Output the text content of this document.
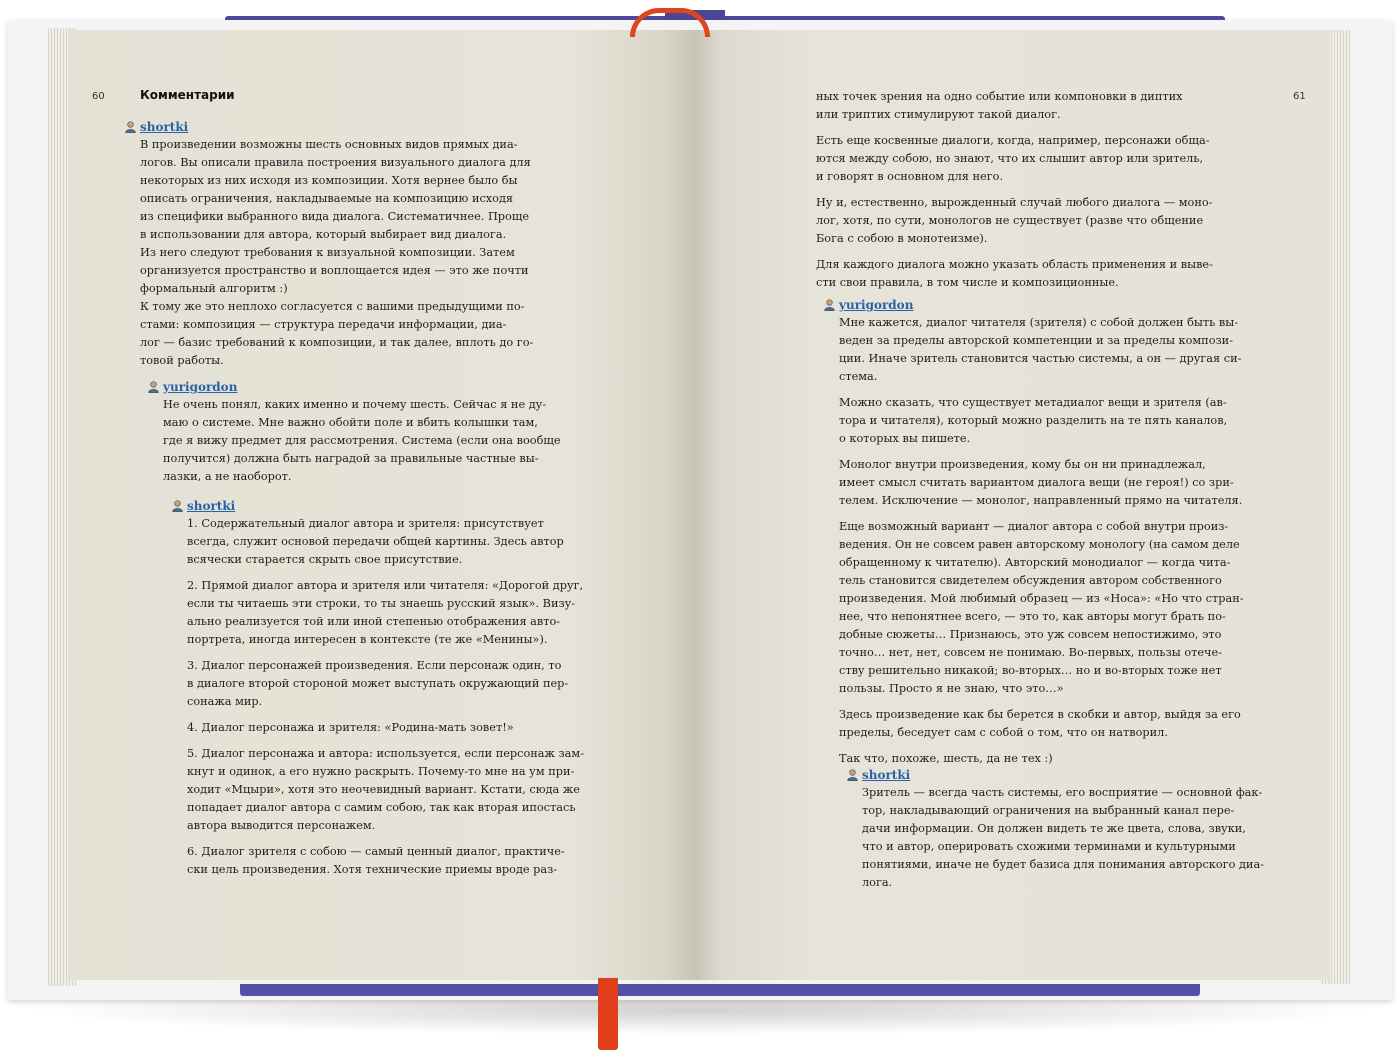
60	Комментарии	61
shortki
В произведении возможны шесть основных видов прямых диа-
логов. Вы описали правила построения визуального диалога для
некоторых из них исходя из композиции. Хотя вернее было бы
описать ограничения, накладываемые на композицию исходя
из специфики выбранного вида диалога. Систематичнее. Проще
в использовании для автора, который выбирает вид диалога.
Из него следуют требования к визуальной композиции. Затем
организуется пространство и воплощается идея — это же почти
формальный алгоритм :)
К тому же это неплохо согласуется с вашими предыдущими по-
стами: композиция — структура передачи информации, диа-
лог — базис требований к композиции, и так далее, вплоть до го-
товой работы.
yurigordon
Не очень понял, каких именно и почему шесть. Сейчас я не ду-
маю о системе. Мне важно обойти поле и вбить колышки там,
где я вижу предмет для рассмотрения. Система (если она вообще
получится) должна быть наградой за правильные частные вы-
лазки, а не наоборот.
shortki

1. Содержательный диалог автора и зрителя: присутствует
всегда, служит основой передачи общей картины. Здесь автор
всячески старается скрыть свое присутствие.

2. Прямой диалог автора и зрителя или читателя: «Дорогой друг,
если ты читаешь эти строки, то ты знаешь русский язык». Визу-
ально реализуется той или иной степенью отображения авто-
портрета, иногда интересен в контексте (те же «Менины»).

3. Диалог персонажей произведения. Если персонаж один, то
в диалоге второй стороной может выступать окружающий пер-
сонажа мир.

4. Диалог персонажа и зрителя: «Родина-мать зовет!»

5. Диалог персонажа и автора: используется, если персонаж зам-
кнут и одинок, а его нужно раскрыть. Почему-то мне на ум при-
ходит «Мцыри», хотя это неочевидный вариант. Кстати, сюда же
попадает диалог автора с самим собою, так как вторая ипостась
автора выводится персонажем.

6. Диалог зрителя с собою — самый ценный диалог, практиче-
ски цель произведения. Хотя технические приемы вроде раз-

ных точек зрения на одно событие или компоновки в диптих
или триптих стимулируют такой диалог.

Есть еще косвенные диалоги, когда, например, персонажи обща-
ются между собою, но знают, что их слышит автор или зритель,
и говорят в основном для него.

Ну и, естественно, вырожденный случай любого диалога — моно-
лог, хотя, по сути, монологов не существует (разве что общение
Бога с собою в монотеизме).

Для каждого диалога можно указать область применения и выве-
сти свои правила, в том числе и композиционные.

yurigordon

Мне кажется, диалог читателя (зрителя) с собой должен быть вы-
веден за пределы авторской компетенции и за пределы компози-
ции. Иначе зритель становится частью системы, а он — другая си-
стема.

Можно сказать, что существует метадиалог вещи и зрителя (ав-
тора и читателя), который можно разделить на те пять каналов,
о которых вы пишете.

Монолог внутри произведения, кому бы он ни принадлежал,
имеет смысл считать вариантом диалога вещи (не героя!) со зри-
телем. Исключение — монолог, направленный прямо на читателя.

Еще возможный вариант — диалог автора с собой внутри произ-
ведения. Он не совсем равен авторскому монологу (на самом деле
обращенному к читателю). Авторский монодиалог — когда чита-
тель становится свидетелем обсуждения автором собственного
произведения. Мой любимый образец — из «Носа»: «Но что стран-
нее, что непонятнее всего, — это то, как авторы могут брать по-
добные сюжеты… Признаюсь, это уж совсем непостижимо, это
точно… нет, нет, совсем не понимаю. Во-первых, пользы отече-
ству решительно никакой; во-вторых… но и во-вторых тоже нет
пользы. Просто я не знаю, что это…»

Здесь произведение как бы берется в скобки и автор, выйдя за его
пределы, беседует сам с собой о том, что он натворил.

Так что, похоже, шесть, да не тех :)

shortki
Зритель — всегда часть системы, его восприятие — основной фак-
тор, накладывающий ограничения на выбранный канал пере-
дачи информации. Он должен видеть те же цвета, слова, звуки,
что и автор, оперировать схожими терминами и культурными
понятиями, иначе не будет базиса для понимания авторского диа-
лога.
